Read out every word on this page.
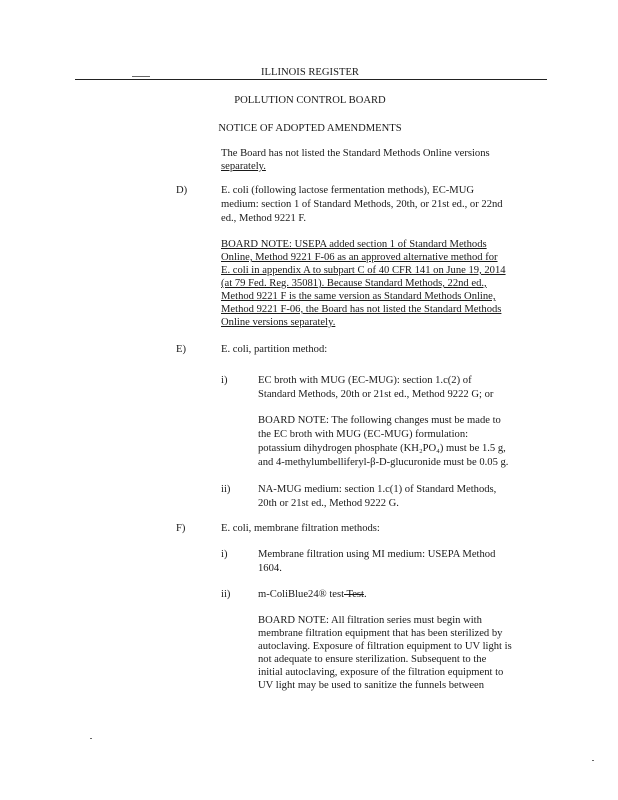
ILLINOIS REGISTER
POLLUTION CONTROL BOARD
NOTICE OF ADOPTED AMENDMENTS
The Board has not listed the Standard Methods Online versions
separately.
D)	E. coli (following lactose fermentation methods), EC-MUG
medium: section 1 of Standard Methods, 20th, or 21st ed., or 22nd
ed., Method 9221 F.
BOARD NOTE: USEPA added section 1 of Standard Methods
Online, Method 9221 F-06 as an approved alternative method for
E. coli in appendix A to subpart C of 40 CFR 141 on June 19, 2014
(at 79 Fed. Reg. 35081). Because Standard Methods, 22nd ed.,
Method 9221 F is the same version as Standard Methods Online,
Method 9221 F-06, the Board has not listed the Standard Methods
Online versions separately.
E)	E. coli, partition method:
i)	EC broth with MUG (EC-MUG): section 1.c(2) of
Standard Methods, 20th or 21st ed., Method 9222 G; or
BOARD NOTE: The following changes must be made to
the EC broth with MUG (EC-MUG) formulation:
potassium dihydrogen phosphate (KH₂PO₄) must be 1.5 g,
and 4-methylumbelliferyl-β-D-glucuronide must be 0.05 g.
ii)	NA-MUG medium: section 1.c(1) of Standard Methods,
20th or 21st ed., Method 9222 G.
F)	E. coli, membrane filtration methods:
i)	Membrane filtration using MI medium: USEPA Method
1604.
ii)	m-ColiBlue24® test Test.
BOARD NOTE: All filtration series must begin with
membrane filtration equipment that has been sterilized by
autoclaving. Exposure of filtration equipment to UV light is
not adequate to ensure sterilization. Subsequent to the
initial autoclaving, exposure of the filtration equipment to
UV light may be used to sanitize the funnels between
